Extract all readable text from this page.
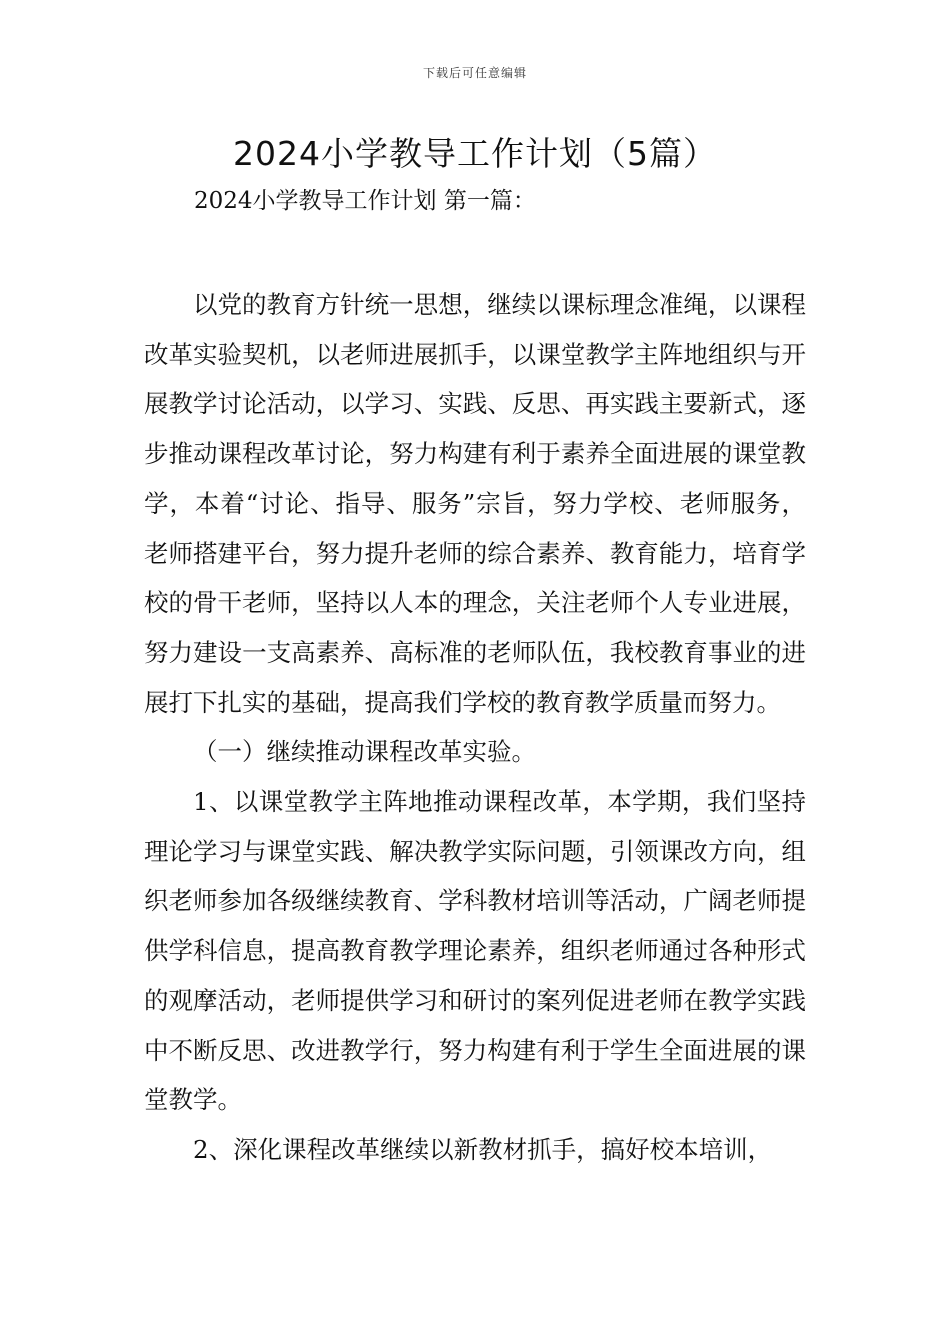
下载后可任意编辑
2024小学教导工作计划（5篇）

2024小学教导工作计划 第一篇：

以党的教育方针统一思想，继续以课标理念准绳，以课程改革实验契机，以老师进展抓手，以课堂教学主阵地组织与开展教学讨论活动，以学习、实践、反思、再实践主要新式，逐步推动课程改革讨论，努力构建有利于素养全面进展的课堂教学，本着“讨论、指导、服务”宗旨，努力学校、老师服务，老师搭建平台，努力提升老师的综合素养、教育能力，培育学校的骨干老师，坚持以人本的理念，关注老师个人专业进展，努力建设一支高素养、高标准的老师队伍，我校教育事业的进展打下扎实的基础，提高我们学校的教育教学质量而努力。

（一）继续推动课程改革实验。

1、以课堂教学主阵地推动课程改革，本学期，我们坚持理论学习与课堂实践、解决教学实际问题，引领课改方向，组织老师参加各级继续教育、学科教材培训等活动，广阔老师提供学科信息，提高教育教学理论素养，组织老师通过各种形式的观摩活动，老师提供学习和研讨的案列促进老师在教学实践中不断反思、改进教学行，努力构建有利于学生全面进展的课堂教学。

2、深化课程改革继续以新教材抓手，搞好校本培训，
